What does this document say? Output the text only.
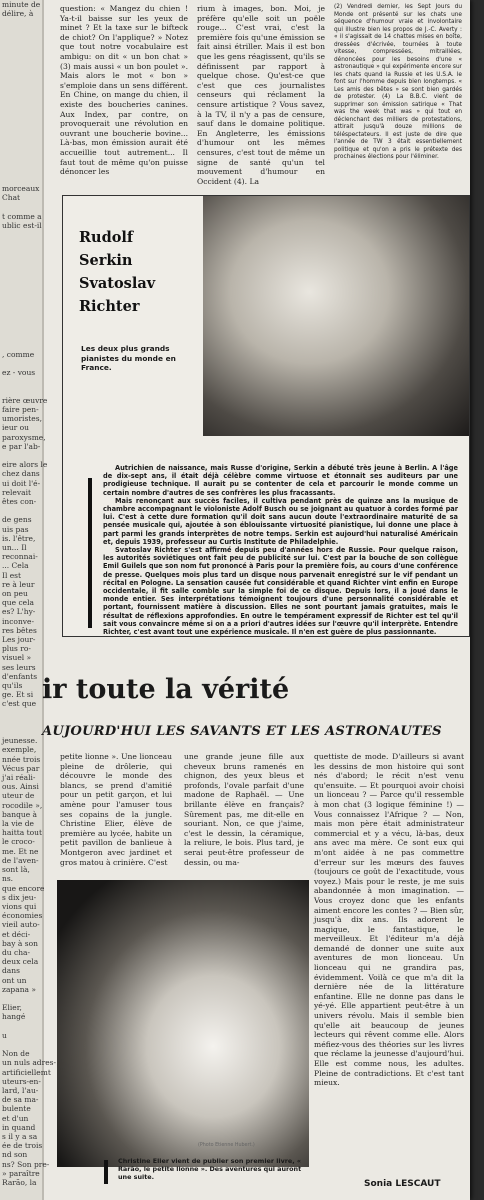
minute de
délire, à

morceaux
Chat

t comme a
ublic est-il

, comme

ez - vous

rière œuvre
faire pen-
umoristes,
ieur ou
paroxysme,
e par l'ab-

eire alors le
chez dans
ui doit l'é-
relevait
êtes con-

de gens
uis pas
is. l'être,
un... Il
reconnai-
... Cela
Il est
re à leur
on peu
que cela
es? L'hy-
inconve-
res bêtes
Les jour-
plus ro-
visuel »
ses leurs
d'enfants
qu'ils
ge. Et si
c'est que

jeunesse.
exemple,
nnée trois
Vécus par
j'ai réali-
ous. Ainsi
uteur de
rocodile »,
banque à
la vie de
haitta tout
le croco-
me. Et ne
de l'aven-
sont là,
ns.
que encore
s dix jeu-
vions qui
économies
vieil auto-
et déci-
bay à son
du cha-
deux cela
dans
ont un
zapana »

Elier,
hangé

u

Non de
un nuls adres-
artificiellemt
uteurs-en-
lard, l'au-
de sa ma-
bulente
et d'un
in quand
s il y a sa
ée de trois
nd son
ns? Son pre-
» paraître
Rarão, la

question: « Mangez du chien ! Ya-t-il baisse sur les yeux de minet ? Et la taxe sur le bifteck de chiot? On l'applique? » Notez que tout notre vocabulaire est ambigu: on dit « un bon chat » (3) mais aussi « un bon poulet ». Mais alors le mot « bon » s'emploie dans un sens différent. En Chine, on mange du chien, il existe des boucheries canines. Aux Index, par contre, on provoquerait une révolution en ouvrant une boucherie bovine... Là-bas, mon émission aurait été accueillie tout autrement... Il faut tout de même qu'on puisse dénoncer les

rium à images, bon. Moi, je préfère qu'elle soit un poële rouge... C'est vrai, c'est la première fois qu'une émission se fait ainsi étriller. Mais il est bon que les gens réagissent, qu'ils se définissent par rapport à quelque chose. Qu'est-ce que c'est que ces journalistes censeurs qui réclament la censure artistique ? Vous savez, à la TV, il n'y a pas de censure, sauf dans le domaine politique. En Angleterre, les émissions d'humour ont les mêmes censures, c'est tout de même un signe de santé qu'un tel mouvement d'humour en Occident (4). La

(2) Vendredi dernier, les Sept Jours du Monde ont présenté sur les chats une séquence d'humour vraie et involontaire qui illustre bien les propos de J.-C. Averty : « il s'agissait de 14 chattes mises en boîte, dressées d'écrivée, tournées à toute vitesse, compressées, mitraillées, dénoncées pour les besoins d'une « astronautique » qui expérimente encore sur les chats quand la Russie et les U.S.A. le font sur l'homme depuis bien longtemps. « Les amis des bêtes » se sont bien gardés de protester. (4) La B.B.C. vient de supprimer son émission satirique « That was the week that was » qui tout en déclenchant des milliers de protestations, attirait jusqu'à douze millions de téléspectateurs. Il est juste de dire que l'année de TW 3 était essentiellement politique et qu'on a pris le prétexte des prochaines élections pour l'éliminer.

Rudolf
Serkin
Svatoslav
Richter
Les deux plus grands pianistes du monde en France.

Autrichien de naissance, mais Russe d'origine, Serkin a débuté très jeune à Berlin. A l'âge de dix-sept ans, il était déjà célèbre comme virtuose et étonnait ses auditeurs par une prodigieuse technique. Il aurait pu se contenter de cela et parcourir le monde comme un certain nombre d'autres de ses confrères les plus fracassants.

Mais renonçant aux succès faciles, il cultiva pendant près de quinze ans la musique de chambre accompagnant le violoniste Adolf Busch ou se joignant au quatuor à cordes formé par lui. C'est à cette dure formation qu'il doit sans aucun doute l'extraordinaire maturité de sa pensée musicale qui, ajoutée à son éblouissante virtuosité pianistique, lui donne une place à part parmi les grands interprètes de notre temps. Serkin est aujourd'hui naturalisé Américain et, depuis 1939, professeur au Curtis Institute de Philadelphie.

Svatoslav Richter s'est affirmé depuis peu d'années hors de Russie. Pour quelque raison, les autorités soviétiques ont fait peu de publicité sur lui. C'est par la bouche de son collègue Emil Guilels que son nom fut prononcé à Paris pour la première fois, au cours d'une conférence de presse. Quelques mois plus tard un disque nous parvenait enregistré sur le vif pendant un récital en Pologne. La sensation causée fut considérable et quand Richter vint enfin en Europe occidentale, il fit salle comble sur la simple foi de ce disque. Depuis lors, il a joué dans le monde entier. Ses interprétations témoignent toujours d'une personnalité considérable et portant, fournissent matière à discussion. Elles ne sont pourtant jamais gratuites, mais le résultat de réflexions approfondies. En outre le tempérament expressif de Richter est tel qu'il sait vous convaincre même si on a a priori d'autres idées sur l'œuvre qu'il interprète. Entendre Richter, c'est avant tout une expérience musicale. Il n'en est guère de plus passionnante.

ir toute la vérité
AUJOURD'HUI LES SAVANTS ET LES ASTRONAUTES

petite lionne ». Une lionceau pleine de drôlerie, qui découvre le monde des blancs, se prend d'amitié pour un petit garçon, et lui amène pour l'amuser tous ses copains de la jungle. Christine Elier, élève de première au lycée, habite un petit pavillon de banlieue à Montgeron avec jardinet et gros matou à crinière. C'est

une grande jeune fille aux cheveux bruns ramenés en chignon, des yeux bleus et profonds, l'ovale parfait d'une madone de Raphaël. — Une brillante élève en français? Sûrement pas, me dit-elle en souriant. Non, ce que j'aime, c'est le dessin, la céramique, la reliure, le bois. Plus tard, je serai peut-être professeur de dessin, ou ma-

quettiste de mode. D'ailleurs si avant les dessins de mon histoire qui sont nés d'abord; le récit n'est venu qu'ensuite. — Et pourquoi avoir choisi un lionceau ? — Parce qu'il ressemble à mon chat (3 logique féminine !) — Vous connaissez l'Afrique ? — Non, mais mon père était administrateur commercial et y a vécu, là-bas, deux ans avec ma mère. Ce sont eux qui m'ont aidée à ne pas commettre d'erreur sur les mœurs des fauves (toujours ce goût de l'exactitude, vous voyez.) Mais pour le reste, je me suis abandonnée à mon imagination. — Vous croyez donc que les enfants aiment encore les contes ? — Bien sûr, jusqu'à dix ans. Ils adorent le magique, le fantastique, le merveilleux. Et l'éditeur m'a déjà demandé de donner une suite aux aventures de mon lionceau. Un lionceau qui ne grandira pas, évidemment. Voilà ce que m'a dit la dernière née de la littérature enfantine. Elle ne donne pas dans le yé-yé. Elle appartient peut-être à un univers révolu. Mais il semble bien qu'elle ait beaucoup de jeunes lecteurs qui rêvent comme elle. Alors méfiez-vous des théories sur les livres que réclame la jeunesse d'aujourd'hui. Elle est comme nous, les adultes. Pleine de contradictions. Et c'est tant mieux.

(Photo Etienne Hubert.)
Christine Elier vient de publier son premier livre, « Rarão, le petite lionne ». Des aventures qui auront une suite.
Sonia LESCAUT
